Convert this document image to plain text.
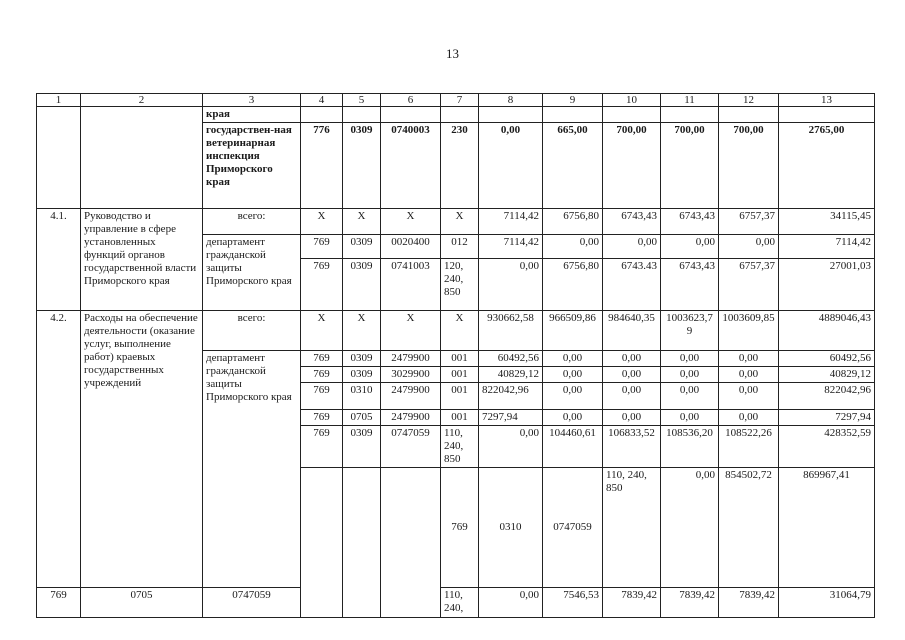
13
1	2	3	4	5	6	7	8	9	10	11	12	13	
		края											
		государствен-ная ветеринарная инспекция Приморского края	776	0309	0740003	230	0,00	665,00	700,00	700,00	700,00	2765,00	
4.1.	Руководство и управление в сфере установленных функций органов государственной власти Приморского края	всего:	Х	Х	Х	Х	7114,42	6756,80	6743,43	6743,43	6757,37	34115,45	
		департамент гражданской защиты Приморского края	769	0309	0020400	012	7114,42	0,00	0,00	0,00	0,00	7114,42	
			769	0309	0741003	120, 240, 850	0,00	6756,80	6743.43	6743,43	6757,37	27001,03	
4.2.	Расходы на обеспечение деятельности (оказание услуг, выполнение работ) краевых государственных учреждений	всего:	Х	Х	Х	Х	930662,58	966509,86	984640,35	1003623,79	1003609,85	4889046,43	
		департамент гражданской защиты Приморского края	769	0309	2479900	001	60492,56	0,00	0,00	0,00	0,00	60492,56	
			769	0309	3029900	001	40829,12	0,00	0,00	0,00	0,00	40829,12	
			769	0310	2479900	001	822042,96	0,00	0,00	0,00	0,00	822042,96	
			769	0705	2479900	001	7297,94	0,00	0,00	0,00	0,00	7297,94	
			769	0309	0747059	110, 240, 850	0,00	104460,61	106833,52	108536,20	108522,26	428352,59	
						769	0310	0747059	110, 240, 850	0,00	854502,72	869967,41			
769	0705	0747059				110, 240,	0,00	7546,53	7839,42	7839,42	7839,42	31064,79	
